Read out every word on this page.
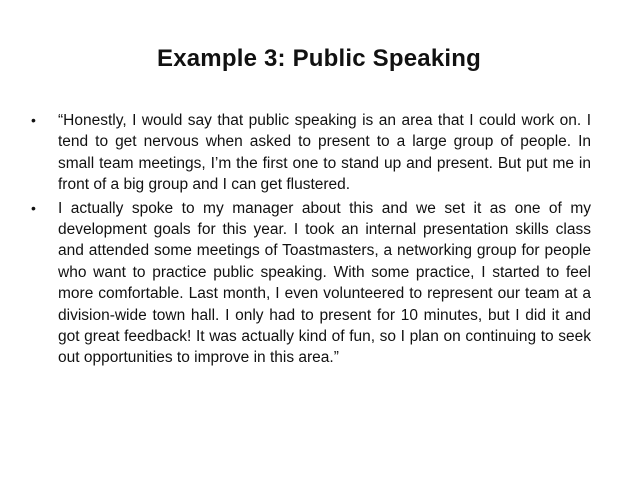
Example 3: Public Speaking
•	“Honestly, I would say that public speaking is an area that I could work on. I tend to get nervous when asked to present to a large group of people. In small team meetings, I’m the first one to stand up and present. But put me in front of a big group and I can get flustered.
•	I actually spoke to my manager about this and we set it as one of my development goals for this year. I took an internal presentation skills class and attended some meetings of Toastmasters, a networking group for people who want to practice public speaking. With some practice, I started to feel more comfortable. Last month, I even volunteered to represent our team at a division-wide town hall. I only had to present for 10 minutes, but I did it and got great feedback! It was actually kind of fun, so I plan on continuing to seek out opportunities to improve in this area.”
